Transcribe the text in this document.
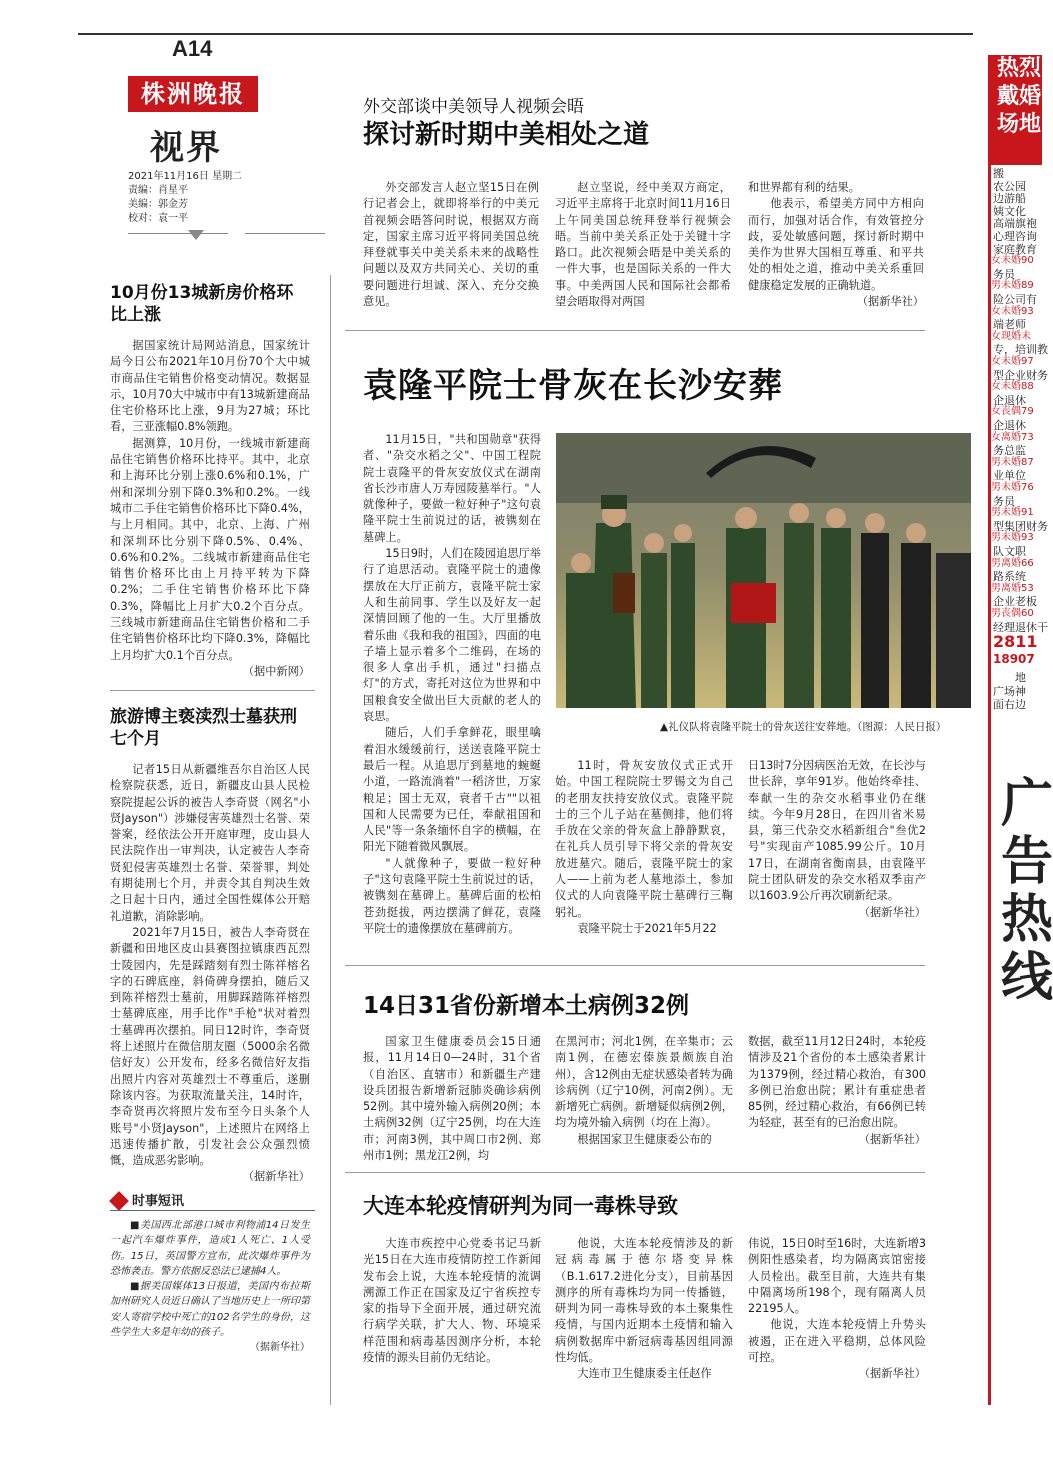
A14
株洲晚报
视界
2021年11月16日 星期二
责编：肖星平
美编：郭金芳
校对：袁一平
外交部谈中美领导人视频会晤
探讨新时期中美相处之道

外交部发言人赵立坚15日在例行记者会上，就即将举行的中美元首视频会晤答问时说，根据双方商定，国家主席习近平将同美国总统拜登就事关中美关系未来的战略性问题以及双方共同关心、关切的重要问题进行坦诚、深入、充分交换意见。

赵立坚说，经中美双方商定，习近平主席将于北京时间11月16日上午同美国总统拜登举行视频会晤。当前中美关系正处于关键十字路口。此次视频会晤是中美关系的一件大事，也是国际关系的一件大事。中美两国人民和国际社会都希望会晤取得对两国

和世界都有利的结果。

他表示，希望美方同中方相向而行，加强对话合作，有效管控分歧，妥处敏感问题，探讨新时期中美作为世界大国相互尊重、和平共处的相处之道，推动中美关系重回健康稳定发展的正确轨道。

（据新华社）
10月份13城新房价格环比上涨

据国家统计局网站消息，国家统计局今日公布2021年10月份70个大中城市商品住宅销售价格变动情况。数据显示，10月70大中城市中有13城新建商品住宅价格环比上涨，9月为27城；环比看，三亚涨幅0.8%领跑。

据测算，10月份，一线城市新建商品住宅销售价格环比持平。其中，北京和上海环比分别上涨0.6%和0.1%，广州和深圳分别下降0.3%和0.2%。一线城市二手住宅销售价格环比下降0.4%，与上月相同。其中，北京、上海、广州和深圳环比分别下降0.5%、0.4%、0.6%和0.2%。二线城市新建商品住宅销售价格环比由上月持平转为下降0.2%；二手住宅销售价格环比下降0.3%，降幅比上月扩大0.2个百分点。三线城市新建商品住宅销售价格和二手住宅销售价格环比均下降0.3%，降幅比上月均扩大0.1个百分点。

（据中新网）
旅游博主亵渎烈士墓获刑七个月

记者15日从新疆维吾尔自治区人民检察院获悉，近日，新疆皮山县人民检察院提起公诉的被告人李奇贤（网名"小贤Jayson"）涉嫌侵害英雄烈士名誉、荣誉案，经依法公开开庭审理，皮山县人民法院作出一审判决，认定被告人李奇贤犯侵害英雄烈士名誉、荣誉罪，判处有期徒刑七个月，并责令其自判决生效之日起十日内，通过全国性媒体公开赔礼道歉，消除影响。

2021年7月15日，被告人李奇贤在新疆和田地区皮山县赛图拉镇康西瓦烈士陵园内，先是踩踏刻有烈士陈祥榕名字的石碑底座，斜倚碑身摆拍，随后又到陈祥榕烈士墓前，用脚踩踏陈祥榕烈士墓碑底座，用手比作"手枪"状对着烈士墓碑再次摆拍。同日12时许，李奇贤将上述照片在微信朋友圈（5000余名微信好友）公开发布，经多名微信好友指出照片内容对英雄烈士不尊重后，遂删除该内容。为获取流量关注，14时许，李奇贤再次将照片发布至今日头条个人账号"小贤Jayson"，上述照片在网络上迅速传播扩散，引发社会公众强烈愤慨，造成恶劣影响。

（据新华社）
时事短讯

■美国西北部港口城市利物浦14日发生一起汽车爆炸事件，造成1人死亡、1人受伤。15日，英国警方宣布，此次爆炸事件为恐怖袭击。警方依据反恐法已逮捕4人。

■据美国媒体13日报道，美国内布拉斯加州研究人员近日确认了当地历史上一所印第安人寄宿学校中死亡的102名学生的身份，这些学生大多是年幼的孩子。

（据新华社）
袁隆平院士骨灰在长沙安葬

11月15日，"共和国勋章"获得者、"杂交水稻之父"、中国工程院院士袁隆平的骨灰安放仪式在湖南省长沙市唐人万寿园陵墓举行。"人就像种子，要做一粒好种子"这句袁隆平院士生前说过的话，被镌刻在墓碑上。

15日9时，人们在陵园追思厅举行了追思活动。袁隆平院士的遗像摆放在大厅正前方，袁隆平院士家人和生前同事、学生以及好友一起深情回顾了他的一生。大厅里播放着乐曲《我和我的祖国》，四面的电子墙上显示着多个二维码，在场的很多人拿出手机，通过"扫描点灯"的方式，寄托对这位为世界和中国粮食安全做出巨大贡献的老人的哀思。

随后，人们手拿鲜花，眼里噙着泪水缓缓前行，送送袁隆平院士最后一程。从追思厅到墓地的蜿蜒小道，一路流淌着"一稻济世，万家粮足；国士无双，衰者千古""以祖国和人民需要为已任，奉献祖国和人民"等一条条缅怀自字的横幅，在阳光下随着微风飘展。

"人就像种子，要做一粒好种子"这句袁隆平院士生前说过的话，被镌刻在墓碑上。墓碑后面的松柏苍劲挺拔，两边摆满了鲜花，袁隆平院士的遗像摆放在墓碑前方。

▲礼仪队将袁隆平院士的骨灰送往安葬地。（图源：人民日报）

11时，骨灰安放仪式正式开始。中国工程院院士罗锡文为自己的老朋友扶持安放仪式。袁隆平院士的三个儿子站在墓侧排，他们将手放在父亲的骨灰盒上静静默哀，在礼兵人员引导下将父亲的骨灰安放进墓穴。随后，袁隆平院士的家人——上前为老人墓地添土，参加仪式的人向袁隆平院士墓碑行三鞠躬礼。

袁隆平院士于2021年5月22

日13时7分因病医治无效，在长沙与世长辞，享年91岁。他始终牵挂、奉献一生的杂交水稻事业仍在继续。今年9月28日，在四川省米易县，第三代杂交水稻新组合"叁优2号"实现亩产1085.99公斤。10月17日，在湖南省衡南县，由袁隆平院士团队研发的杂交水稻双季亩产以1603.9公斤再次刷新纪录。

（据新华社）
14日31省份新增本土病例32例

国家卫生健康委员会15日通报，11月14日0—24时，31个省（自治区、直辖市）和新疆生产建设兵团报告新增新冠肺炎确诊病例52例。其中境外输入病例20例；本土病例32例（辽宁25例，均在大连市；河南3例，其中周口市2例、郑州市1例；黑龙江2例，均

在黑河市；河北1例，在辛集市；云南1例，在德宏傣族景颇族自治州），含12例由无症状感染者转为确诊病例（辽宁10例，河南2例）。无新增死亡病例。新增疑似病例2例，均为境外输入病例（均在上海）。

根据国家卫生健康委公布的

数据，截至11月12日24时，本轮疫情涉及21个省份的本土感染者累计为1379例，经过精心救治，有300多例已治愈出院；累计有重症患者85例，经过精心救治，有66例已转为轻症，甚至有的已治愈出院。

（据新华社）
大连本轮疫情研判为同一毒株导致

大连市疾控中心党委书记马新光15日在大连市疫情防控工作新闻发布会上说，大连本轮疫情的流调溯源工作正在国家及辽宁省疾控专家的指导下全面开展，通过研究流行病学关联，扩大人、物、环境采样范围和病毒基因测序分析，本轮疫情的源头目前仍无结论。

他说，大连本轮疫情涉及的新冠病毒属于德尔塔变异株（B.1.617.2进化分支），目前基因测序的所有毒株均为同一传播链，研判为同一毒株导致的本土聚集性疫情，与国内近期本土疫情和输入病例数据库中新冠病毒基因组同源性均低。

大连市卫生健康委主任赵作

伟说，15日0时至16时，大连新增3例阳性感染者，均为隔离宾馆密接人员检出。截至目前，大连共有集中隔离场所198个，现有隔离人员22195人。

他说，大连本轮疫情上升势头被遏，正在进入平稳期，总体风险可控。

（据新华社）
热烈戴婚场地
搬
农公园
边游船
姨文化
高端旗袍
心理咨询
家庭教育
女未婚90
务员
男未婚89
险公司有
女未婚93
端老师
女现婚未
专，培训教
女未婚97
型企业财务
女未婚88
企退休
女丧偶79
企退休
女离婚73
务总监
男未婚87
业单位
男未婚76
务员
男未婚91
型集团财务
男未婚93
队文职
男离婚66
路系统
男离婚53
企业老板
男丧偶60
经理退休干
2811
18907
地
广场神
面右边
广告热线
